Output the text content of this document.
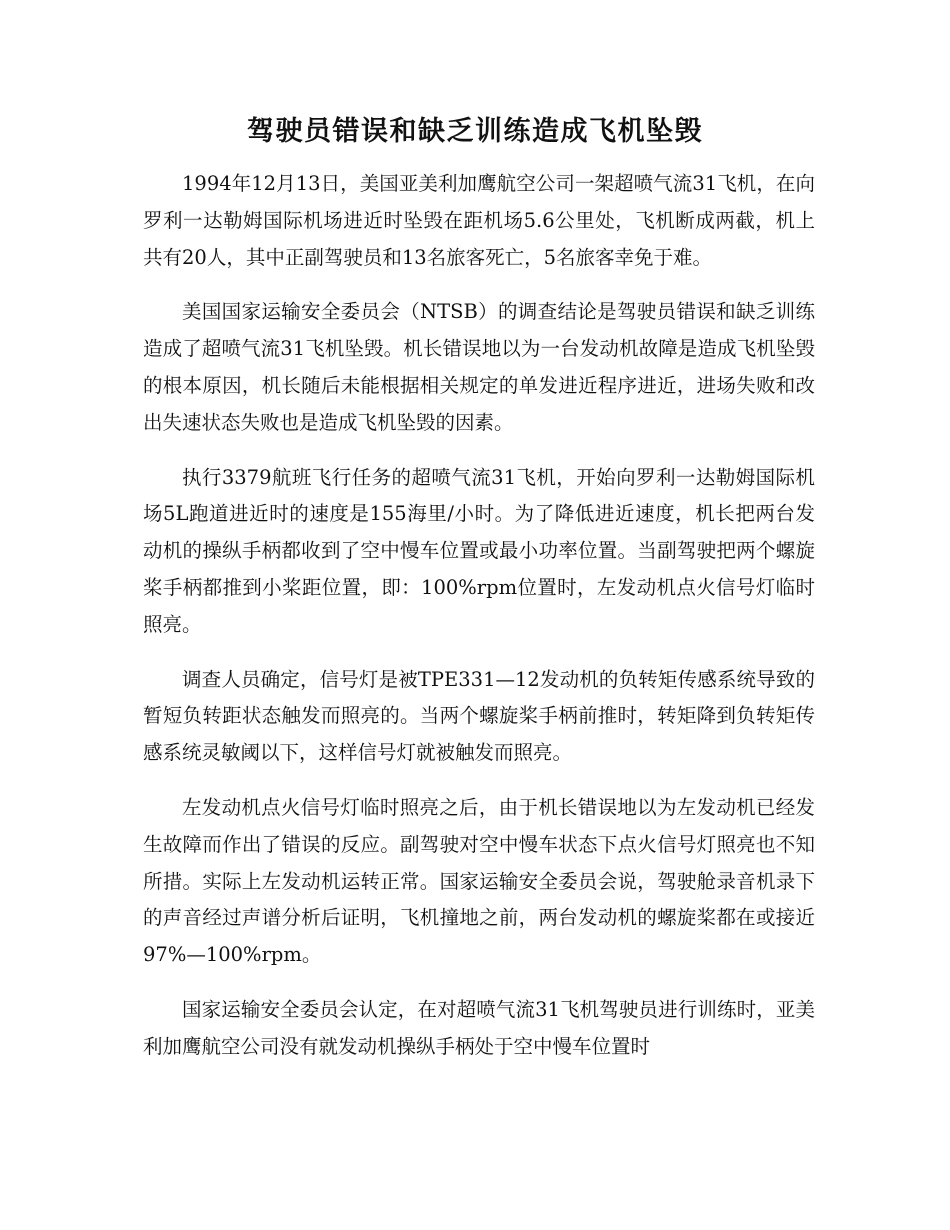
驾驶员错误和缺乏训练造成飞机坠毁

1994年12月13日，美国亚美利加鹰航空公司一架超喷气流31飞机，在向罗利一达勒姆国际机场进近时坠毁在距机场5.6公里处，飞机断成两截，机上共有20人，其中正副驾驶员和13名旅客死亡，5名旅客幸免于难。

美国国家运输安全委员会（NTSB）的调查结论是驾驶员错误和缺乏训练造成了超喷气流31飞机坠毁。机长错误地以为一台发动机故障是造成飞机坠毁的根本原因，机长随后未能根据相关规定的单发进近程序进近，进场失败和改出失速状态失败也是造成飞机坠毁的因素。

执行3379航班飞行任务的超喷气流31飞机，开始向罗利一达勒姆国际机场5L跑道进近时的速度是155海里/小时。为了降低进近速度，机长把两台发动机的操纵手柄都收到了空中慢车位置或最小功率位置。当副驾驶把两个螺旋桨手柄都推到小桨距位置，即：100%rpm位置时，左发动机点火信号灯临时照亮。

调查人员确定，信号灯是被TPE331—12发动机的负转矩传感系统导致的暂短负转距状态触发而照亮的。当两个螺旋桨手柄前推时，转矩降到负转矩传感系统灵敏阈以下，这样信号灯就被触发而照亮。

左发动机点火信号灯临时照亮之后，由于机长错误地以为左发动机已经发生故障而作出了错误的反应。副驾驶对空中慢车状态下点火信号灯照亮也不知所措。实际上左发动机运转正常。国家运输安全委员会说，驾驶舱录音机录下的声音经过声谱分析后证明，飞机撞地之前，两台发动机的螺旋桨都在或接近97%—100%rpm。

国家运输安全委员会认定，在对超喷气流31飞机驾驶员进行训练时，亚美利加鹰航空公司没有就发动机操纵手柄处于空中慢车位置时
